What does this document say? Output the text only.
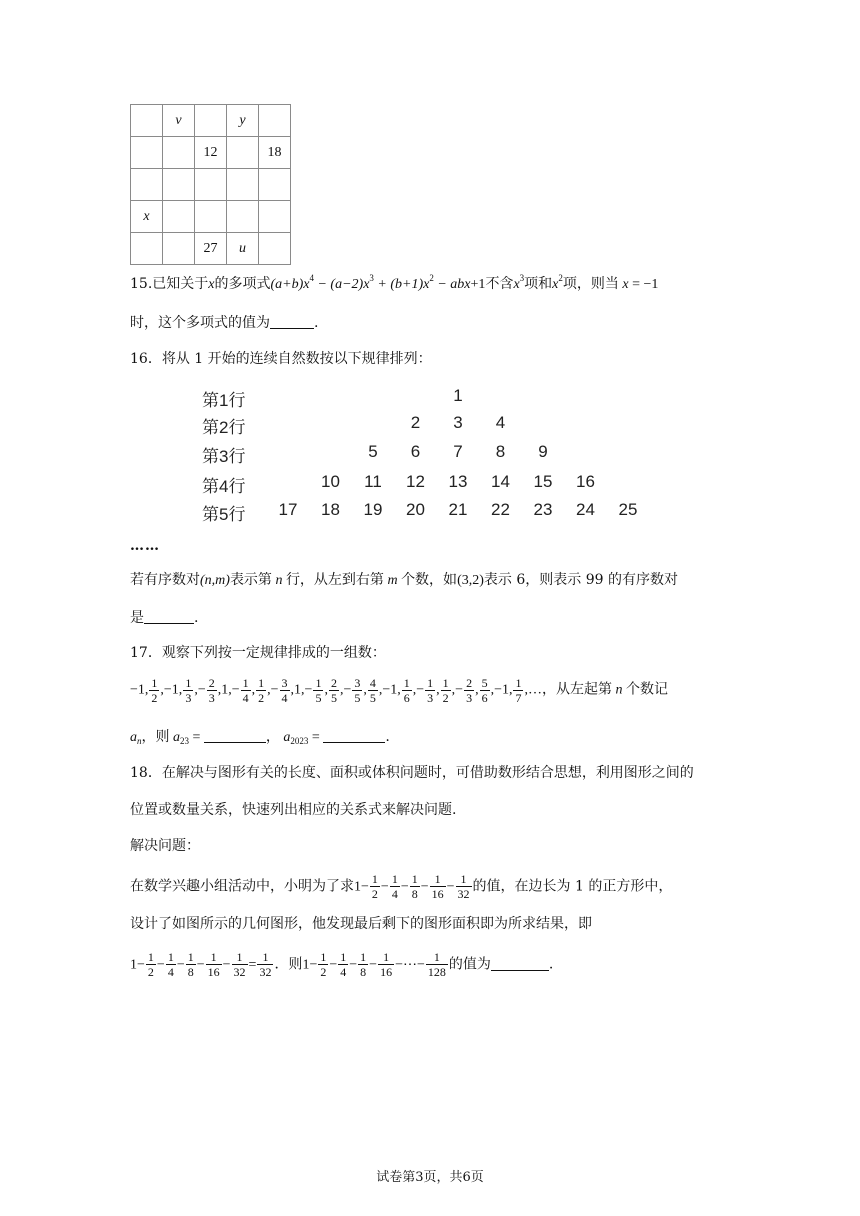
	v		y	
		12		18

x				
		27	u	
15.已知关于x的多项式$(a+b)x^4 - (a-2)x^3 + (b+1)x^2 - abx+1$不含$x^3$项和$x^2$项，则当 x = −1
时，这个多项式的值为	.
16．将从 1 开始的连续自然数按以下规律排列：
第1行	1
第2行	2	3	4
第3行	5	6	7	8	9
第4行	10	11	12	13	14	15	16
第5行	17	18	19	20	21	22	23	24	25
……
若有序数对(n,m)表示第 n 行，从左到右第 m 个数，如(3,2)表示 6，则表示 99 的有序数对
是	.
17．观察下列按一定规律排成的一组数：
−1, $\frac{1}{2} ,-1$, $\frac{1}{3}$ ,− $\frac{2}{3} ,1,- \frac{1}{4}$ , $\frac{1}{2}$ ,− $\frac{3}{4} ,1,- \frac{1}{5}$ , $\frac{2}{5}$ ,− $\frac{3}{5}$ , $\frac{4}{5} ,-1$, $\frac{1}{6}$ ,− $\frac{1}{3}$ , $\frac{1}{2}$ ,− $\frac{2}{3}$ , $\frac{5}{6} ,-1$, $\frac{1}{7}$ ,…，从左起第 n 个数记
$a_n$，则 $a_{23}$ =	， $a_{2023}$ =	.
18．在解决与图形有关的长度、面积或体积问题时，可借助数形结合思想，利用图形之间的
位置或数量关系，快速列出相应的关系式来解决问题.
解决问题：
在数学兴趣小组活动中，小明为了求$1- \frac{1}{2} - \frac{1}{4} - \frac{1}{8} - \frac{1}{16} - \frac{1}{32}$ 的值，在边长为 1 的正方形中，
设计了如图所示的几何图形，他发现最后剩下的图形面积即为所求结果，即
$1- \frac{1}{2} - \frac{1}{4} - \frac{1}{8} - \frac{1}{16} - \frac{1}{32} = \frac{1}{32}$ ．则$1- \frac{1}{2} - \frac{1}{4} - \frac{1}{8} - \frac{1}{16}$ −⋯− $\frac{1}{128}$ 的值为	.
试卷第3页，共6页
